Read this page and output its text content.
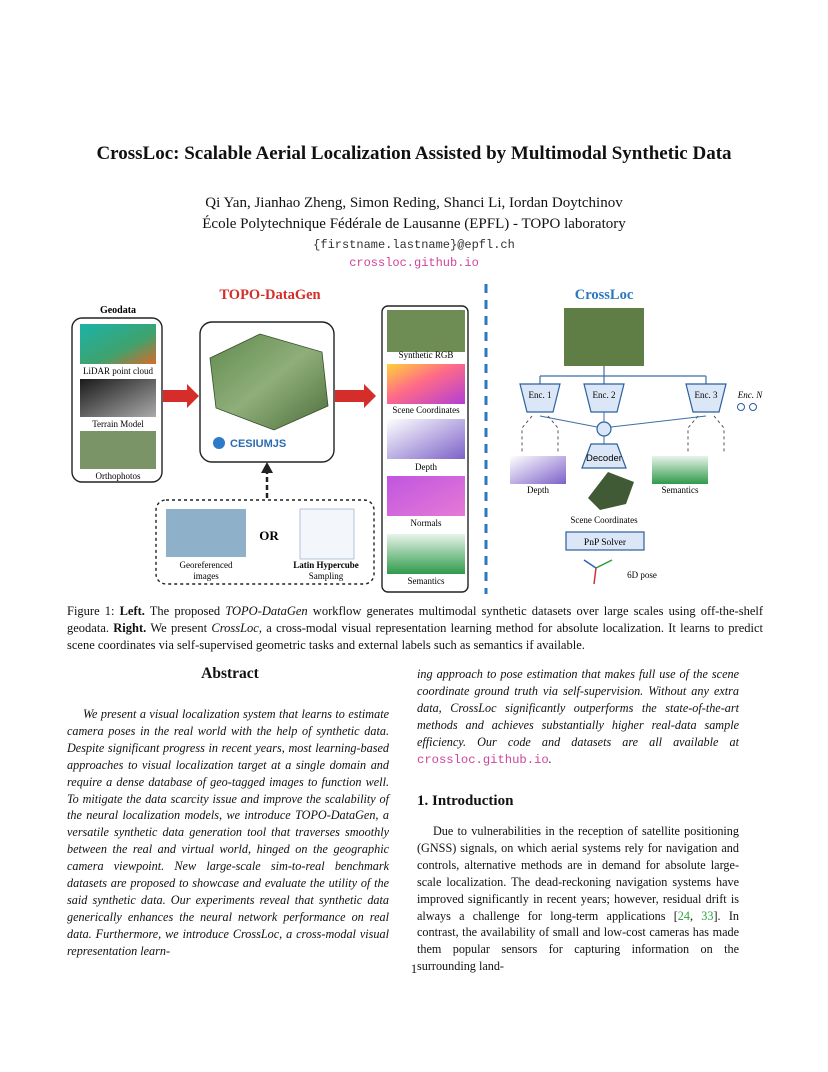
CrossLoc: Scalable Aerial Localization Assisted by Multimodal Synthetic Data
Qi Yan, Jianhao Zheng, Simon Reding, Shanci Li, Iordan Doytchinov
École Polytechnique Fédérale de Lausanne (EPFL) - TOPO laboratory
{firstname.lastname}@epfl.ch
crossloc.github.io
TOPO-DataGen	CrossLoc
Geodata
LiDAR point cloud
Terrain Model
Orthophotos
CESIUMJS
Georeferenced
images
OR
Latin Hypercube
Sampling
Synthetic RGB
Scene Coordinates
Depth
Normals
Semantics
Enc. 1	Enc. 2	Enc. 3 Enc. N
Decoder
Depth	Semantics
Scene Coordinates
PnP Solver
6D pose
Figure 1: Left. The proposed TOPO-DataGen workflow generates multimodal synthetic datasets over large scales using off-the-shelf geodata. Right. We present CrossLoc, a cross-modal visual representation learning method for absolute localization. It learns to predict scene coordinates via self-supervised geometric tasks and external labels such as semantics if available.
Abstract
We present a visual localization system that learns to estimate camera poses in the real world with the help of synthetic data. Despite significant progress in recent years, most learning-based approaches to visual localization target at a single domain and require a dense database of geo-tagged images to function well. To mitigate the data scarcity issue and improve the scalability of the neural localization models, we introduce TOPO-DataGen, a versatile synthetic data generation tool that traverses smoothly between the real and virtual world, hinged on the geographic camera viewpoint. New large-scale sim-to-real benchmark datasets are proposed to showcase and evaluate the utility of the said synthetic data. Our experiments reveal that synthetic data generically enhances the neural network performance on real data. Furthermore, we introduce CrossLoc, a cross-modal visual representation learn-
ing approach to pose estimation that makes full use of the scene coordinate ground truth via self-supervision. Without any extra data, CrossLoc significantly outperforms the state-of-the-art methods and achieves substantially higher real-data sample efficiency. Our code and datasets are all available at crossloc.github.io.
1. Introduction
Due to vulnerabilities in the reception of satellite positioning (GNSS) signals, on which aerial systems rely for navigation and controls, alternative methods are in demand for absolute large-scale localization. The dead-reckoning navigation systems have improved significantly in recent years; however, residual drift is always a challenge for long-term applications [24, 33]. In contrast, the availability of small and low-cost cameras has made them popular sensors for capturing information on the surrounding land-
1
